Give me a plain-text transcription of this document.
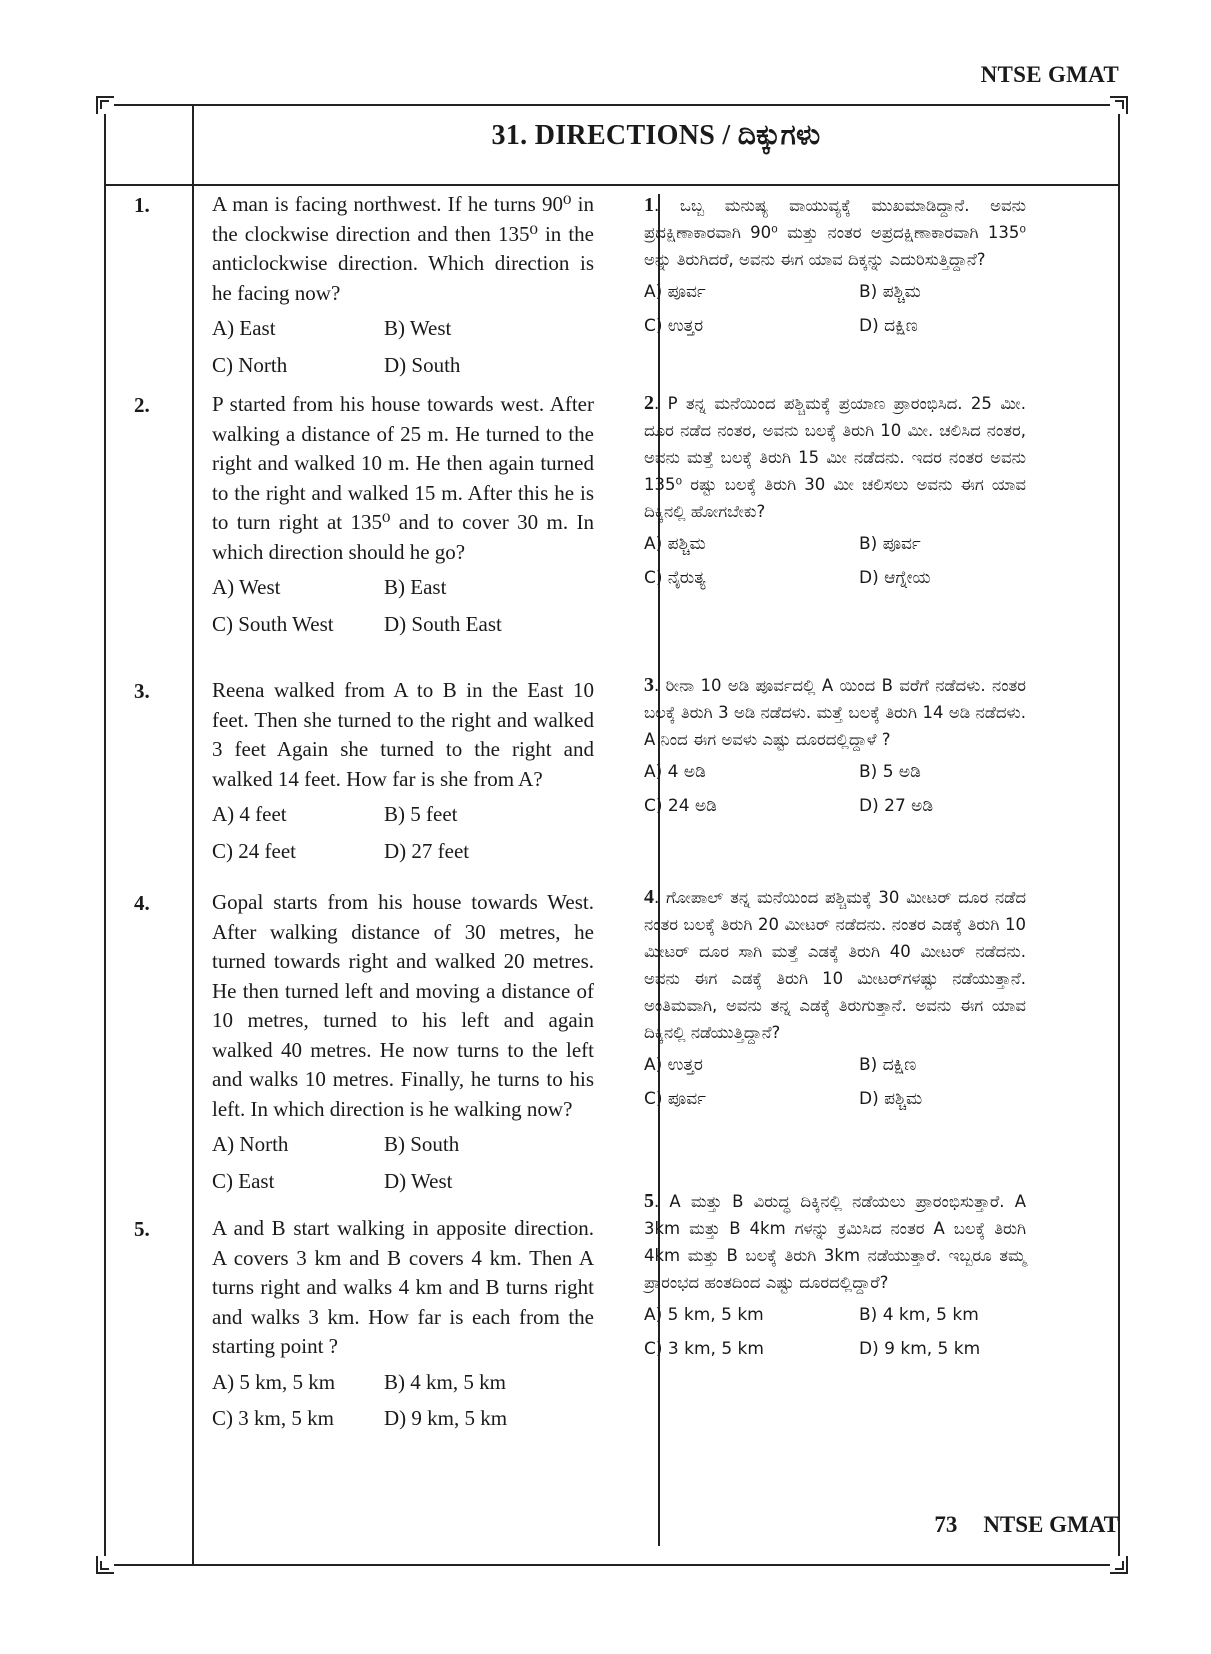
NTSE GMAT
31. DIRECTIONS / ದಿಕ್ಕುಗಳು
1.	A man is facing northwest. If he turns 90⁰ in the clockwise direction and then 135⁰ in the anticlockwise direction. Which direction is he facing now?
A) East	B) West
C) North	D) South
1. ಒಬ್ಬ ಮನುಷ್ಯ ವಾಯುವ್ಯಕ್ಕೆ ಮುಖಮಾಡಿದ್ದಾನೆ. ಅವನು ಪ್ರದಕ್ಷಿಣಾಕಾರವಾಗಿ 90⁰ ಮತ್ತು ನಂತರ ಅಪ್ರದಕ್ಷಿಣಾಕಾರವಾಗಿ 135⁰ ಅನ್ನು ತಿರುಗಿದರೆ, ಅವನು ಈಗ ಯಾವ ದಿಕ್ಕನ್ನು ಎದುರಿಸುತ್ತಿದ್ದಾನೆ?
A) ಪೂರ್ವ	B) ಪಶ್ಚಿಮ
C) ಉತ್ತರ	D) ದಕ್ಷಿಣ
2.	P started from his house towards west. After walking a distance of 25 m. He turned to the right and walked 10 m. He then again turned to the right and walked 15 m. After this he is to turn right at 135⁰ and to cover 30 m. In which direction should he go?
A) West	B) East
C) South West	D) South East
2. P ತನ್ನ ಮನೆಯಿಂದ ಪಶ್ಚಿಮಕ್ಕೆ ಪ್ರಯಾಣ ಪ್ರಾರಂಭಿಸಿದ. 25 ಮೀ. ದೂರ ನಡೆದ ನಂತರ, ಅವನು ಬಲಕ್ಕೆ ತಿರುಗಿ 10 ಮೀ. ಚಲಿಸಿದ ನಂತರ, ಅವನು ಮತ್ತೆ ಬಲಕ್ಕೆ ತಿರುಗಿ 15 ಮೀ ನಡೆದನು. ಇದರ ನಂತರ ಅವನು 135⁰ ರಷ್ಟು ಬಲಕ್ಕೆ ತಿರುಗಿ 30 ಮೀ ಚಲಿಸಲು ಅವನು ಈಗ ಯಾವ ದಿಕ್ಕಿನಲ್ಲಿ ಹೋಗಬೇಕು?
A) ಪಶ್ಚಿಮ	B) ಪೂರ್ವ
C) ನೈರುತ್ಯ	D) ಆಗ್ನೇಯ
3.	Reena walked from A to B in the East 10 feet. Then she turned to the right and walked 3 feet Again she turned to the right and walked 14 feet. How far is she from A?
A) 4 feet	B) 5 feet
C) 24 feet	D) 27 feet
3. ರೀನಾ 10 ಅಡಿ ಪೂರ್ವದಲ್ಲಿ A ಯಿಂದ B ವರೆಗೆ ನಡೆದಳು. ನಂತರ ಬಲಕ್ಕೆ ತಿರುಗಿ 3 ಅಡಿ ನಡೆದಳು. ಮತ್ತೆ ಬಲಕ್ಕೆ ತಿರುಗಿ 14 ಅಡಿ ನಡೆದಳು. A ನಿಂದ ಈಗ ಅವಳು ಎಷ್ಟು ದೂರದಲ್ಲಿದ್ದಾಳೆ ?
A) 4 ಅಡಿ	B) 5 ಅಡಿ
C) 24 ಅಡಿ	D) 27 ಅಡಿ
4.	Gopal starts from his house towards West. After walking distance of 30 metres, he turned towards right and walked 20 metres. He then turned left and moving a distance of 10 metres, turned to his left and again walked 40 metres. He now turns to the left and walks 10 metres. Finally, he turns to his left. In which direction is he walking now?
A) North	B) South
C) East	D) West
4. ಗೋಪಾಲ್ ತನ್ನ ಮನೆಯಿಂದ ಪಶ್ಚಿಮಕ್ಕೆ 30 ಮೀಟರ್ ದೂರ ನಡೆದ ನಂತರ ಬಲಕ್ಕೆ ತಿರುಗಿ 20 ಮೀಟರ್ ನಡೆದನು. ನಂತರ ಎಡಕ್ಕೆ ತಿರುಗಿ 10 ಮೀಟರ್ ದೂರ ಸಾಗಿ ಮತ್ತೆ ಎಡಕ್ಕೆ ತಿರುಗಿ 40 ಮೀಟರ್ ನಡೆದನು. ಅವನು ಈಗ ಎಡಕ್ಕೆ ತಿರುಗಿ 10 ಮೀಟರ್‌ಗಳಷ್ಟು ನಡೆಯುತ್ತಾನೆ. ಅಂತಿಮವಾಗಿ, ಅವನು ತನ್ನ ಎಡಕ್ಕೆ ತಿರುಗುತ್ತಾನೆ. ಅವನು ಈಗ ಯಾವ ದಿಕ್ಕಿನಲ್ಲಿ ನಡೆಯುತ್ತಿದ್ದಾನೆ?
A) ಉತ್ತರ	B) ದಕ್ಷಿಣ
C) ಪೂರ್ವ	D) ಪಶ್ಚಿಮ
5.	A and B start walking in apposite direction. A covers 3 km and B covers 4 km. Then A turns right and walks 4 km and B turns right and walks 3 km. How far is each from the starting point ?
A) 5 km, 5 km	B) 4 km, 5 km
C) 3 km, 5 km	D) 9 km, 5 km
5. A ಮತ್ತು B ವಿರುದ್ಧ ದಿಕ್ಕಿನಲ್ಲಿ ನಡೆಯಲು ಪ್ರಾರಂಭಿಸುತ್ತಾರೆ. A 3km ಮತ್ತು B 4km ಗಳನ್ನು ಕ್ರಮಿಸಿದ ನಂತರ A ಬಲಕ್ಕೆ ತಿರುಗಿ 4km ಮತ್ತು B ಬಲಕ್ಕೆ ತಿರುಗಿ 3km ನಡೆಯುತ್ತಾರೆ. ಇಬ್ಬರೂ ತಮ್ಮ ಪ್ರಾರಂಭದ ಹಂತದಿಂದ ಎಷ್ಟು ದೂರದಲ್ಲಿದ್ದಾರೆ?
A) 5 km, 5 km	B) 4 km, 5 km
C) 3 km, 5 km	D) 9 km, 5 km
73 NTSE GMAT
